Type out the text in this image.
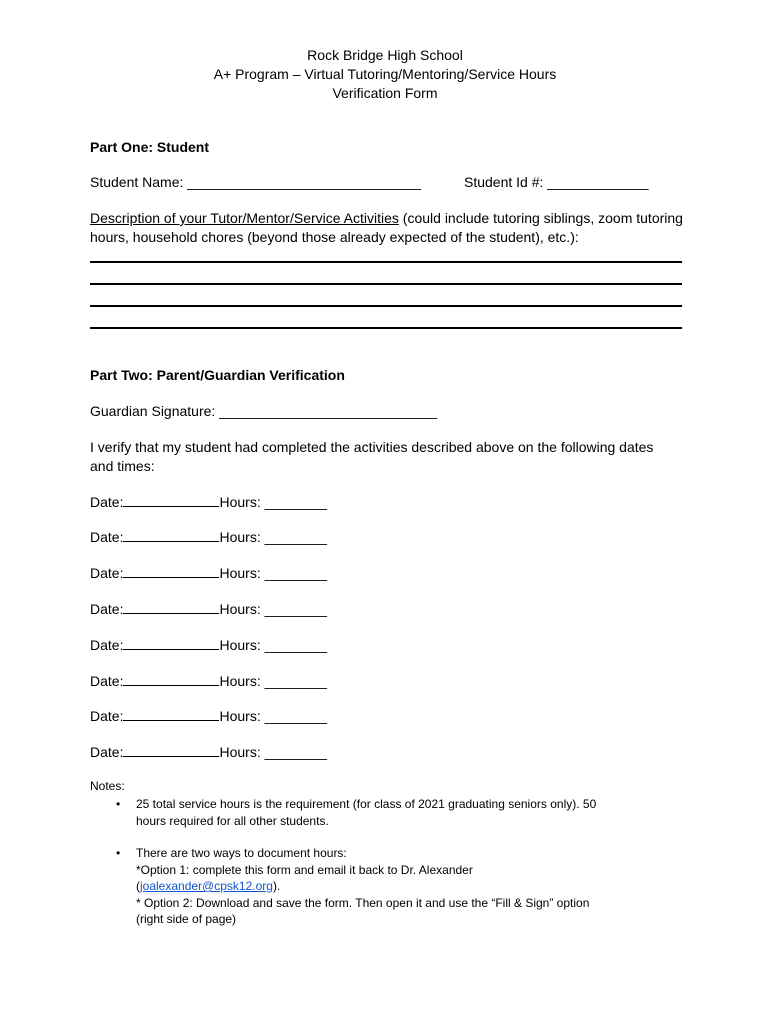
Rock Bridge High School
A+ Program – Virtual Tutoring/Mentoring/Service Hours
Verification Form
Part One: Student
Student Name: ______________________________	Student Id #: _____________
Description of your Tutor/Mentor/Service Activities (could include tutoring siblings, zoom tutoring hours, household chores (beyond those already expected of the student), etc.):
Part Two: Parent/Guardian Verification
Guardian Signature: ____________________________
I verify that my student had completed the activities described above on the following dates and times:
Date:	Hours: ________
Date:	Hours: ________
Date:	Hours: ________
Date:	Hours: ________
Date:	Hours: ________
Date:	Hours: ________
Date:	Hours: ________
Date:	Hours: ________
Notes:
• 25 total service hours is the requirement (for class of 2021 graduating seniors only). 50
hours required for all other students.
• There are two ways to document hours:
*Option 1: complete this form and email it back to Dr. Alexander
(joalexander@cpsk12.org).
* Option 2: Download and save the form. Then open it and use the “Fill & Sign” option
(right side of page)
